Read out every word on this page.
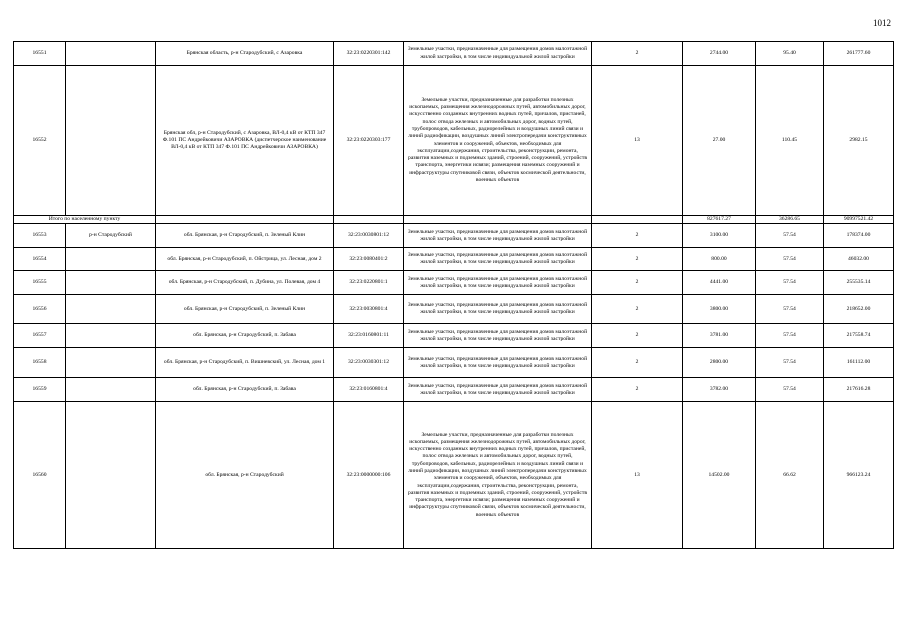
1012
16551		Брянская область, р-н Стародубский, с Азаровка	32:23:0220301:142	Земельные участки, предназначенные для размещения домов малоэтажной жилой застройки, в том числе индивидуальной жилой застройки	2	2744.00	95.40	261777.60
16552		Брянская обл, р-н Стародубский, с Азаровка, ВЛ-0,4 кВ от КТП 347 Ф.101 ПС Андрейковичи АЗАРОВКА (диспетчерское наименование ВЛ-0,4 кВ от КТП 347 Ф.101 ПС Андрейковичи АЗАРОВКА)	32:23:0220303:177	Земельные участки, предназначенные для разработки полезных ископаемых, размещения железнодорожных путей, автомобильных дорог, искусственно созданных внутренних водных путей, причалов, пристаней, полос отвода железных и автомобильных дорог, водных путей, трубопроводов, кабельных, радиорелейных и воздушных линий связи и линий радиофикации, воздушных линий электропередачи конструктивных элементов и сооружений, объектов, необходимых для эксплуатации,содержания, строительства, реконструкции, ремонта, развития наземных и подземных зданий, строений, сооружений, устройств транспорта, энергетики исвязи; размещения наземных сооружений и инфраструктуры спутниковой связи, объектов космической деятельности, военных объектов	13	27.00	110.45	2982.15
Итого по населенному пункту						827617.27	36286.65	90997521.42
16553	р-н Стародубский	обл. Брянская, р-н Стародубский, п. Зеленый Клин	32:23:0030801:12	Земельные участки, предназначенные для размещения домов малоэтажной жилой застройки, в том числе индивидуальной жилой застройки	2	3100.00	57.54	178374.00
16554		обл. Брянская, р-н Стародубский, п. Ойстрица, ул. Лесная, дом 2	32:23:0080401:2	Земельные участки, предназначенные для размещения домов малоэтажной жилой застройки, в том числе индивидуальной жилой застройки	2	800.00	57.54	46032.00
16555		обл. Брянская, р-н Стародубский, п. Дубина, ул. Полевая, дом 4	32:23:0220801:1	Земельные участки, предназначенные для размещения домов малоэтажной жилой застройки, в том числе индивидуальной жилой застройки	2	4441.00	57.54	255535.14
16556		обл. Брянская, р-н Стародубский, п. Зеленый Клин	32:23:0030801:4	Земельные участки, предназначенные для размещения домов малоэтажной жилой застройки, в том числе индивидуальной жилой застройки	2	3800.00	57.54	218652.00
16557		обл. Брянская, р-н Стародубский, п. Забава	32:23:0160801:11	Земельные участки, предназначенные для размещения домов малоэтажной жилой застройки, в том числе индивидуальной жилой застройки	2	3781.00	57.54	217558.74
16558		обл. Брянская, р-н Стародубский, п. Вишневский, ул. Лесная, дом 1	32:23:0030301:12	Земельные участки, предназначенные для размещения домов малоэтажной жилой застройки, в том числе индивидуальной жилой застройки	2	2800.00	57.54	161112.00
16559		обл. Брянская, р-н Стародубский, п. Забава	32:23:0160801:4	Земельные участки, предназначенные для размещения домов малоэтажной жилой застройки, в том числе индивидуальной жилой застройки	2	3782.00	57.54	217616.28
16560		обл. Брянская, р-н Стародубский	32:23:0000000:106	Земельные участки, предназначенные для разработки полезных ископаемых, размещения железнодорожных путей, автомобильных дорог, искусственно созданных внутренних водных путей, причалов, пристаней, полос отвода железных и автомобильных дорог, водных путей, трубопроводов, кабельных, радиорелейных и воздушных линий связи и линий радиофикации, воздушных линий электропередачи конструктивных элементов и сооружений, объектов, необходимых для эксплуатации,содержания, строительства, реконструкции, ремонта, развития наземных и подземных зданий, строений, сооружений, устройств транспорта, энергетики исвязи; размещения наземных сооружений и инфраструктуры спутниковой связи, объектов космической деятельности, военных объектов	13	14502.00	66.62	966123.24
